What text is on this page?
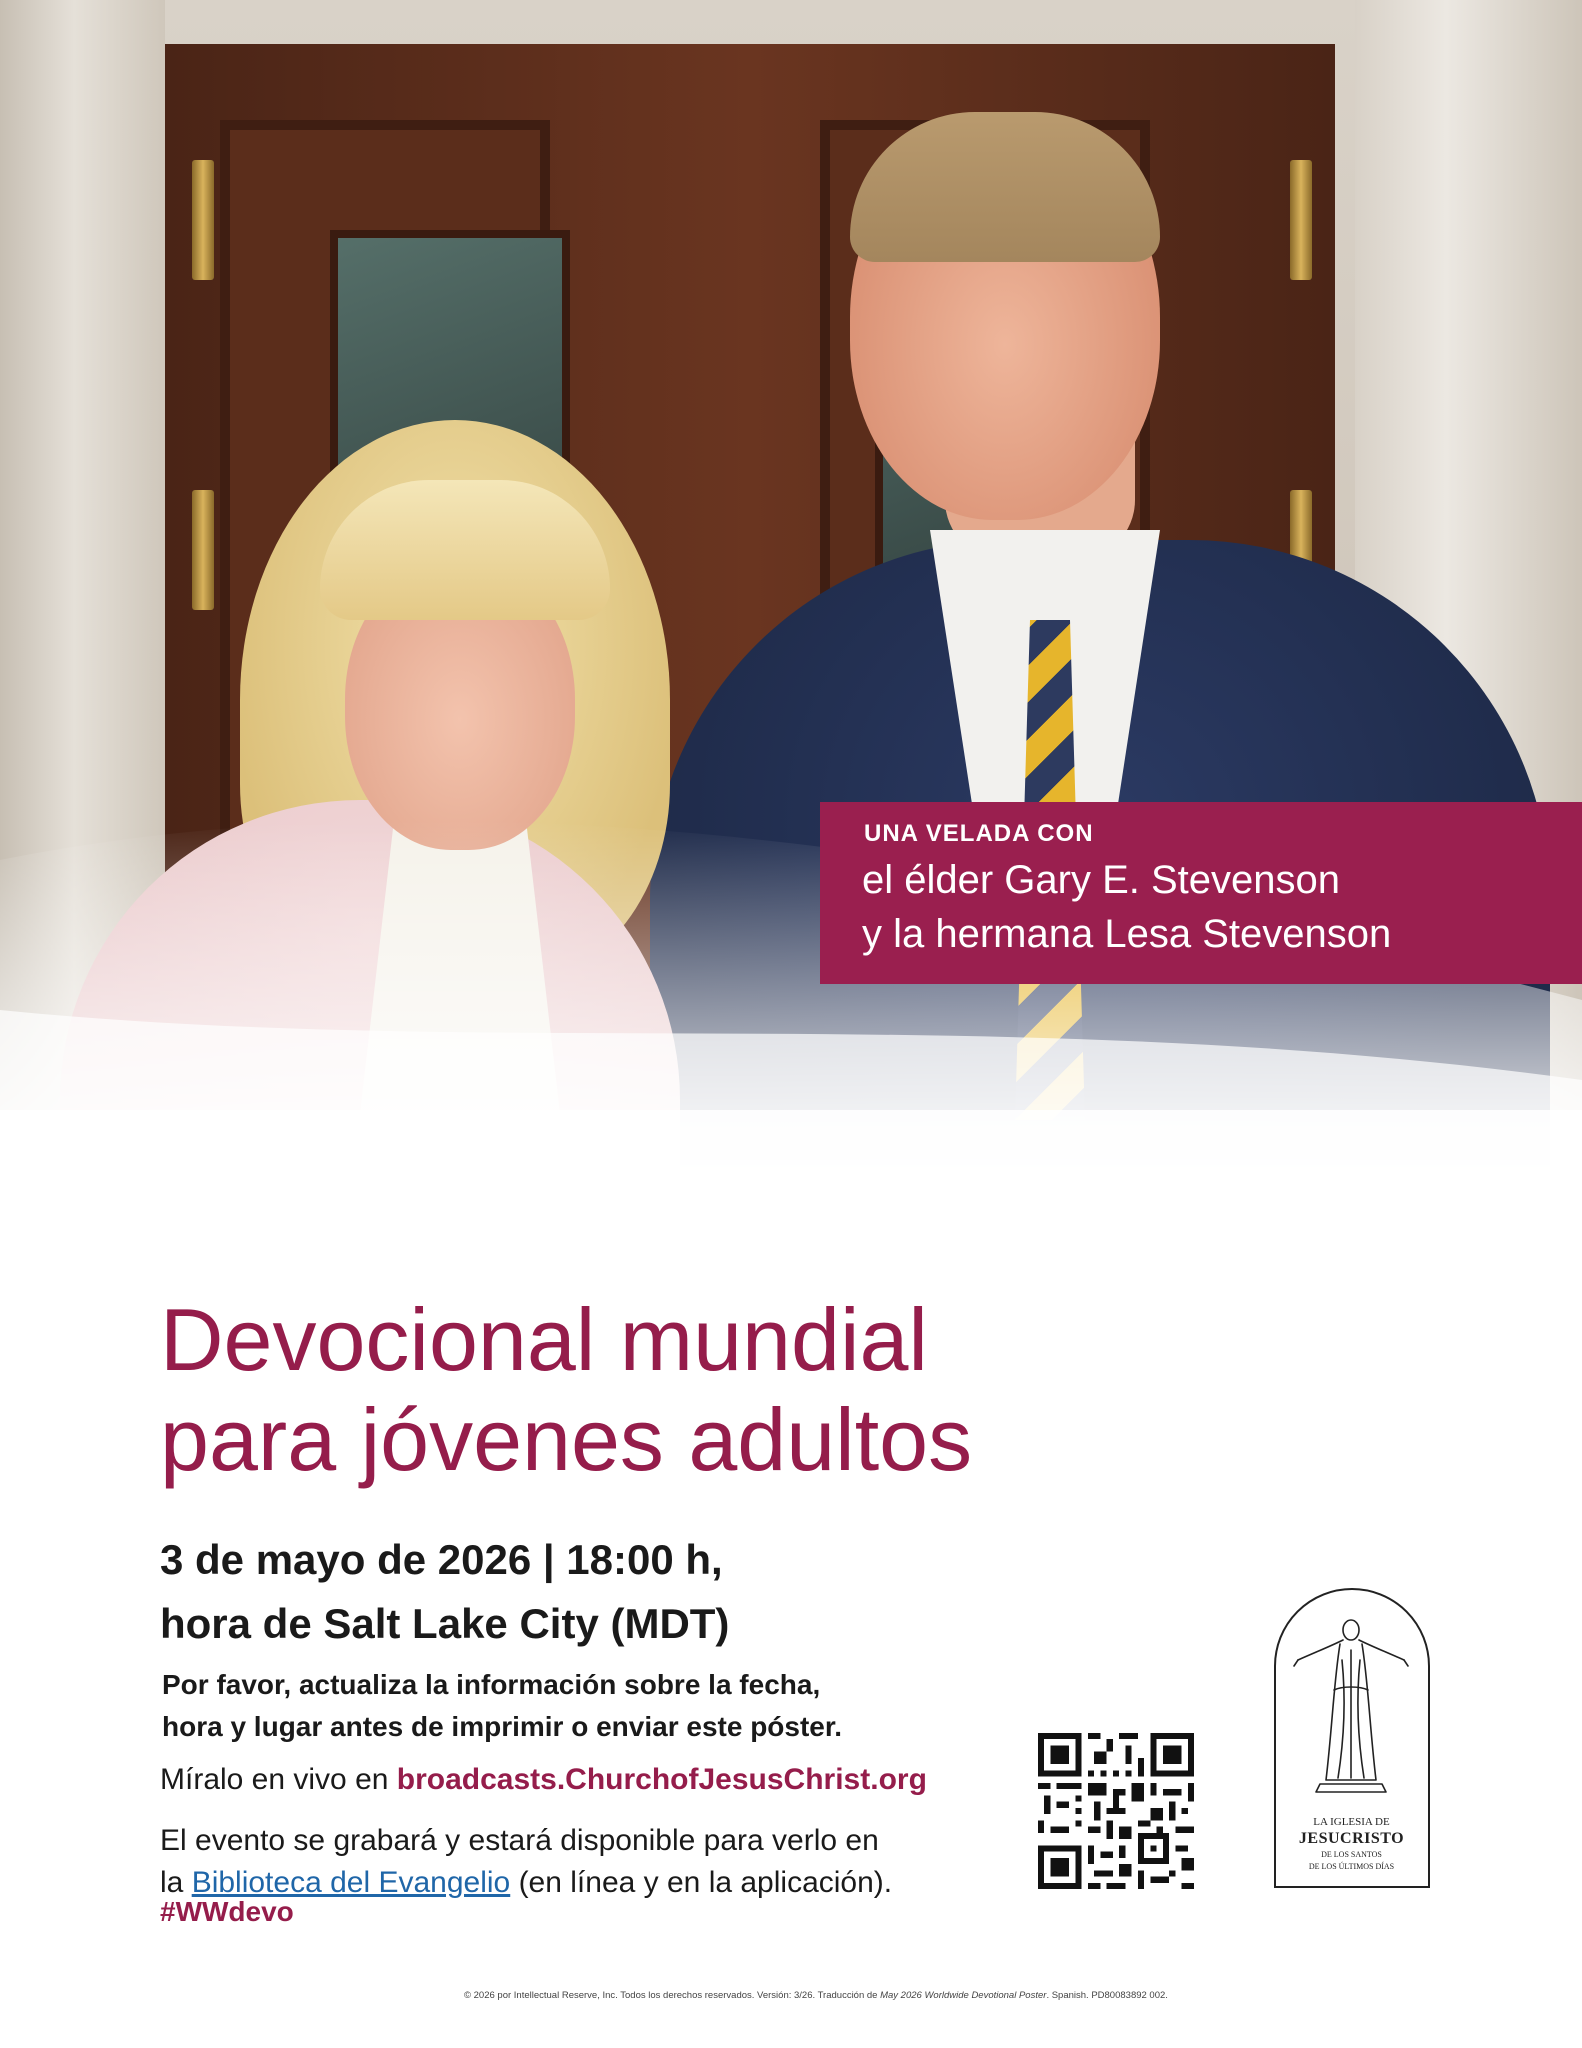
UNA VELADA CON
el élder Gary E. Stevenson
y la hermana Lesa Stevenson
Devocional mundial
para jóvenes adultos
3 de mayo de 2026 | 18:00 h,
hora de Salt Lake City (MDT)
Por favor, actualiza la información sobre la fecha,
hora y lugar antes de imprimir o enviar este póster.
Míralo en vivo en broadcasts.ChurchofJesusChrist.org
El evento se grabará y estará disponible para verlo en
la Biblioteca del Evangelio (en línea y en la aplicación).
#WWdevo
LA IGLESIA DE
JESUCRISTO
DE LOS SANTOS
DE LOS ÚLTIMOS DÍAS
© 2026 por Intellectual Reserve, Inc. Todos los derechos reservados. Versión: 3/26. Traducción de May 2026 Worldwide Devotional Poster. Spanish. PD80083892 002.
